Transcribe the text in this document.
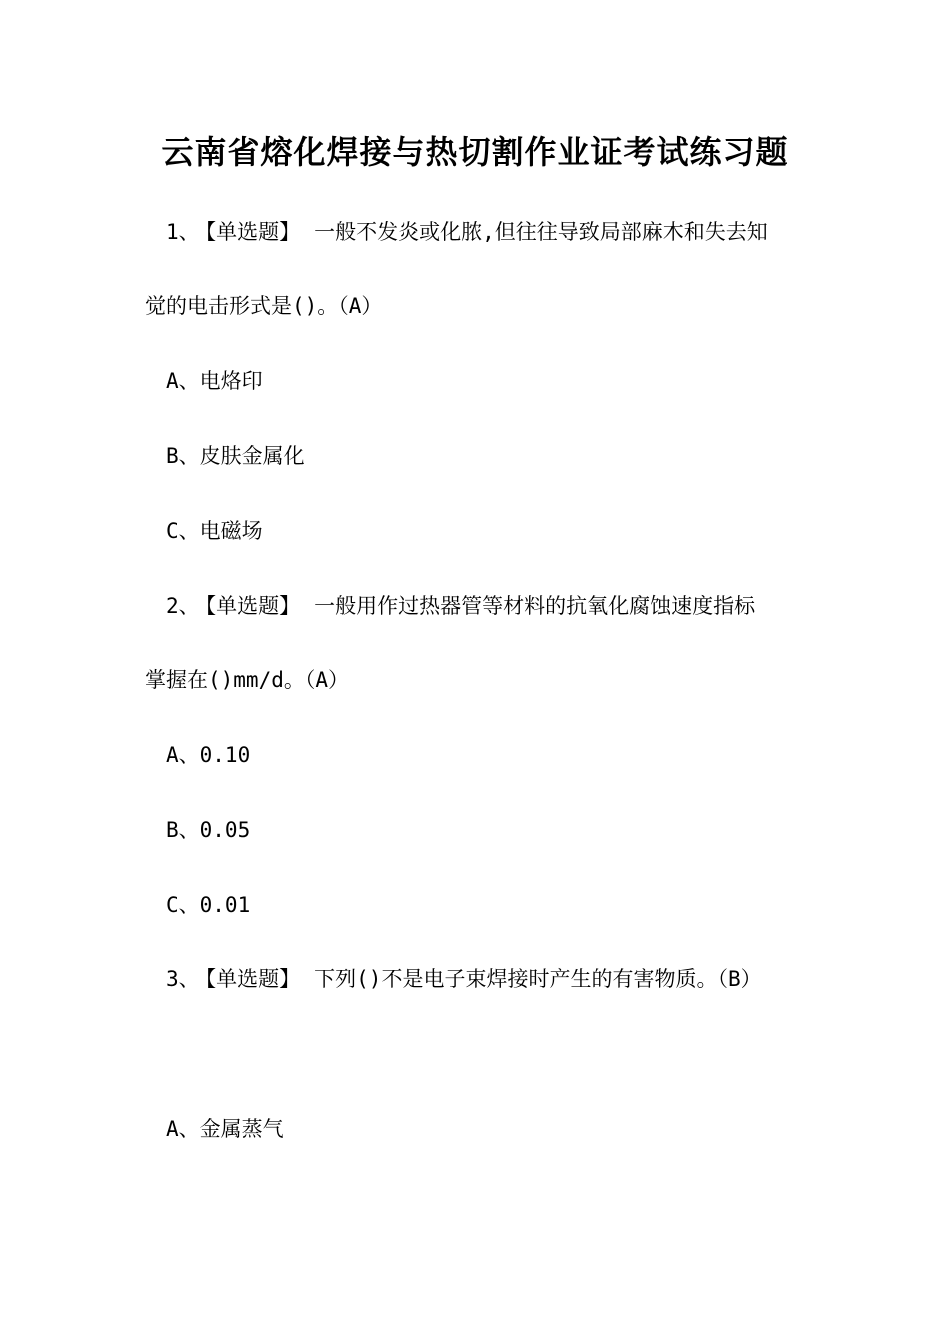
云南省熔化焊接与热切割作业证考试练习题
1、 【单选题】 一般不发炎或化脓,但往往导致局部麻木和失去知
觉的电击形式是()。（A）
A、电烙印
B、皮肤金属化
C、电磁场
2、 【单选题】 一般用作过热器管等材料的抗氧化腐蚀速度指标
掌握在()mm/d。（A）
A、0.10
B、0.05
C、0.01
3、 【单选题】 下列()不是电子束焊接时产生的有害物质。（B）
A、金属蒸气
